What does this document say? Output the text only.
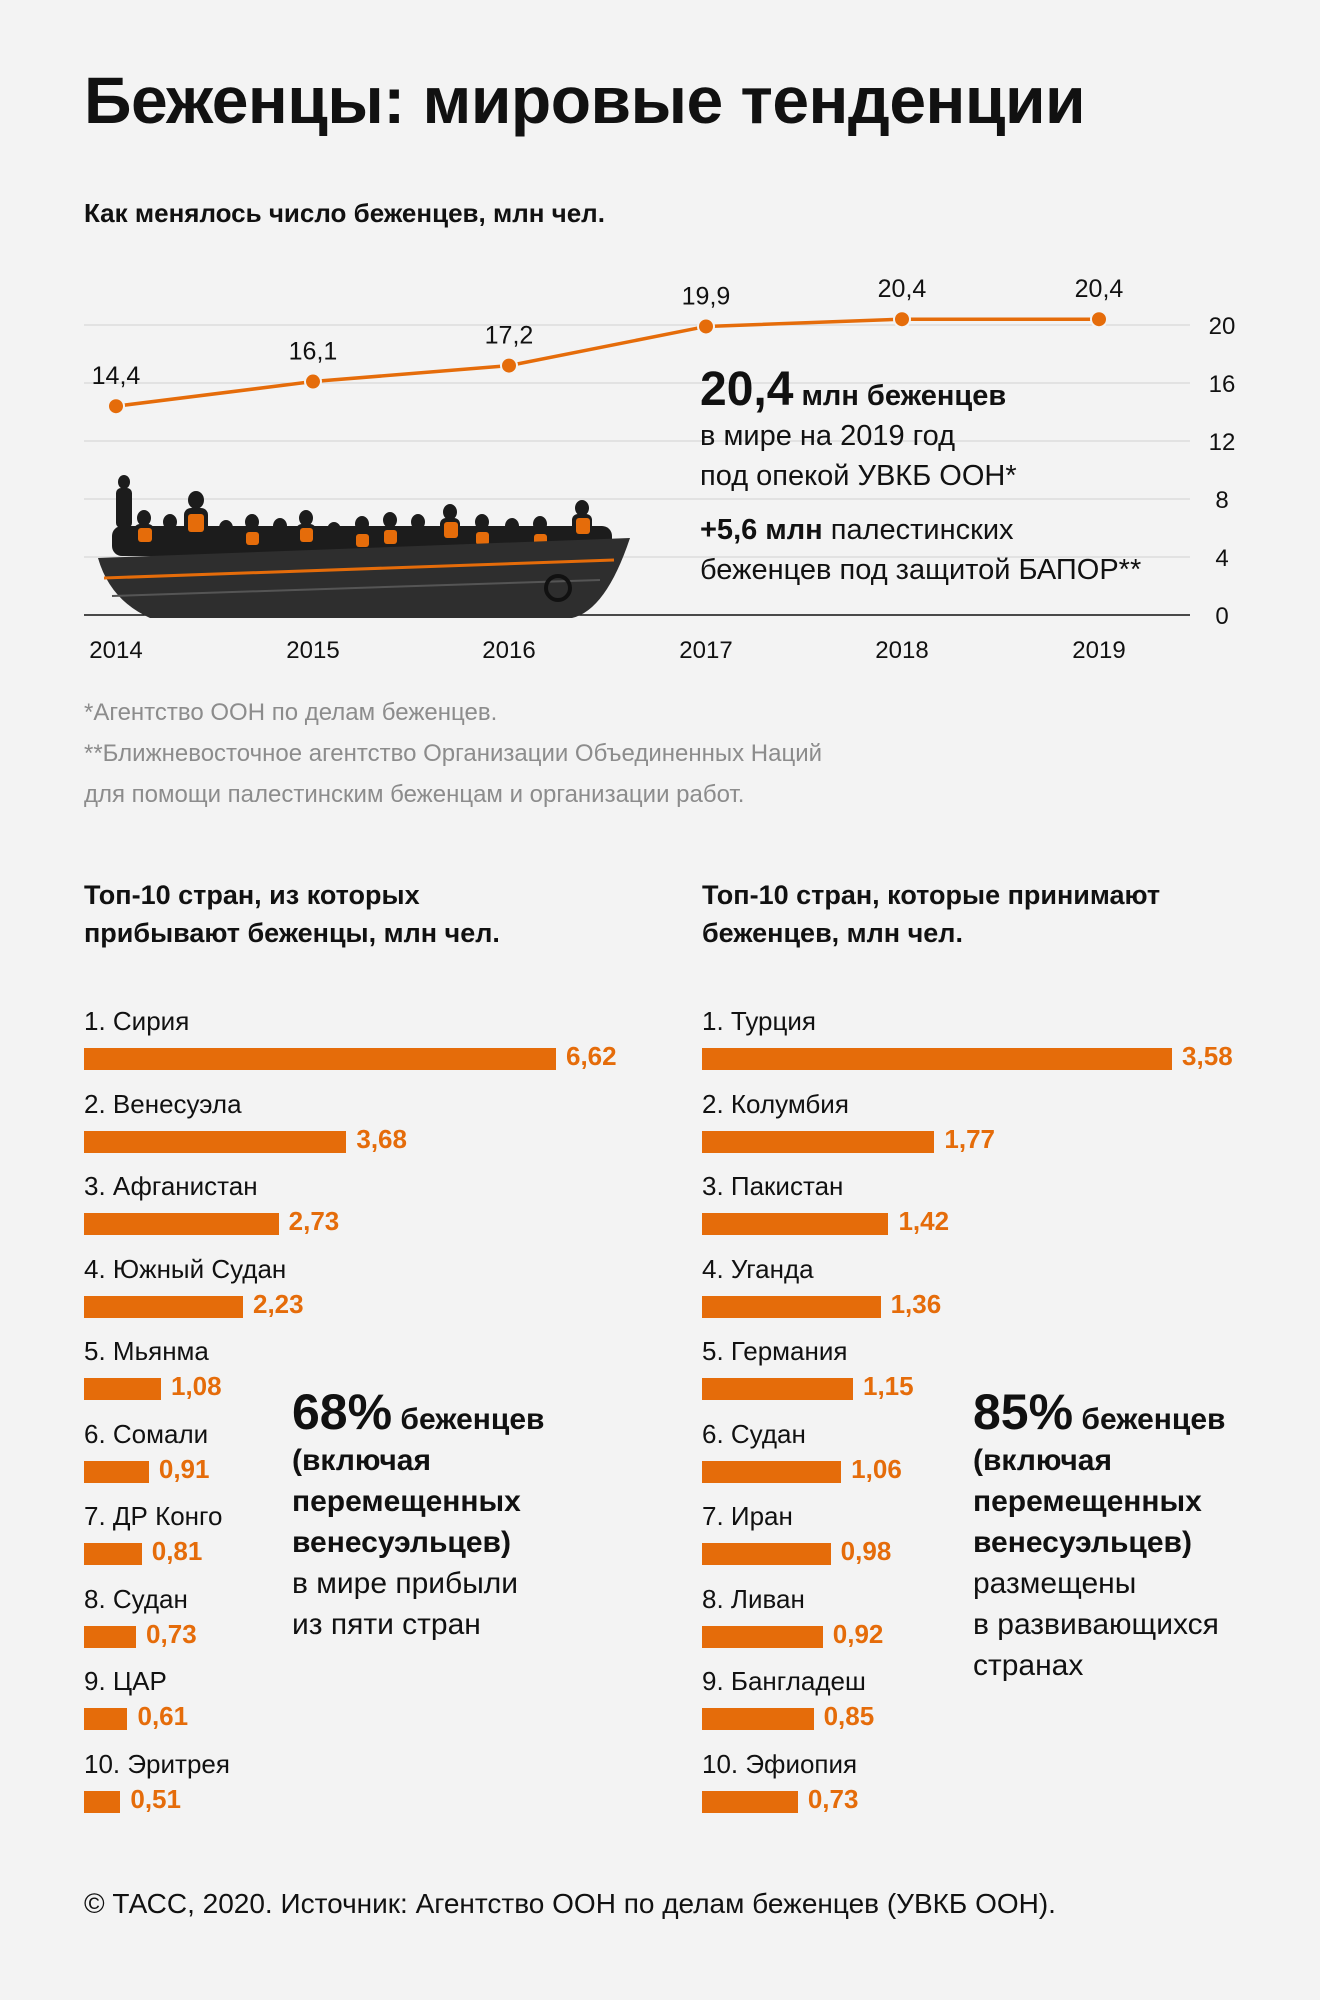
Беженцы: мировые тенденции
Как менялось число беженцев, млн чел.
14,4
16,1
17,2
19,9	20,4	20,4
0
4
8
12
16
20
2014	2015	2016	2017	2018	2019
20,4 млн беженцев
в мире на 2019 год
под опекой УВКБ ООН*
+5,6 млн палестинских
беженцев под защитой БАПОР**
*Агентство ООН по делам беженцев.
**Ближневосточное агентство Организации Объединенных Наций
для помощи палестинским беженцам и организации работ.
Топ-10 стран, из которых
прибывают беженцы, млн чел.
Топ-10 стран, которые принимают
беженцев, млн чел.
1. Сирия
6,62
2. Венесуэла
3,68
3. Афганистан
2,73
4. Южный Судан
2,23
5. Мьянма
1,08
6. Сомали
0,91
7. ДР Конго
0,81
8. Судан
0,73
9. ЦАР
0,61
10. Эритрея
0,51
1. Турция
3,58
2. Колумбия
1,77
3. Пакистан
1,42
4. Уганда
1,36
5. Германия
1,15
6. Судан
1,06
7. Иран
0,98
8. Ливан
0,92
9. Бангладеш
0,85
10. Эфиопия
0,73
68% беженцев
(включая
перемещенных
венесуэльцев)
в мире прибыли
из пяти стран
85% беженцев
(включая
перемещенных
венесуэльцев)
размещены
в развивающихся
странах
© ТАСС, 2020. Источник: Агентство ООН по делам беженцев (УВКБ ООН).
